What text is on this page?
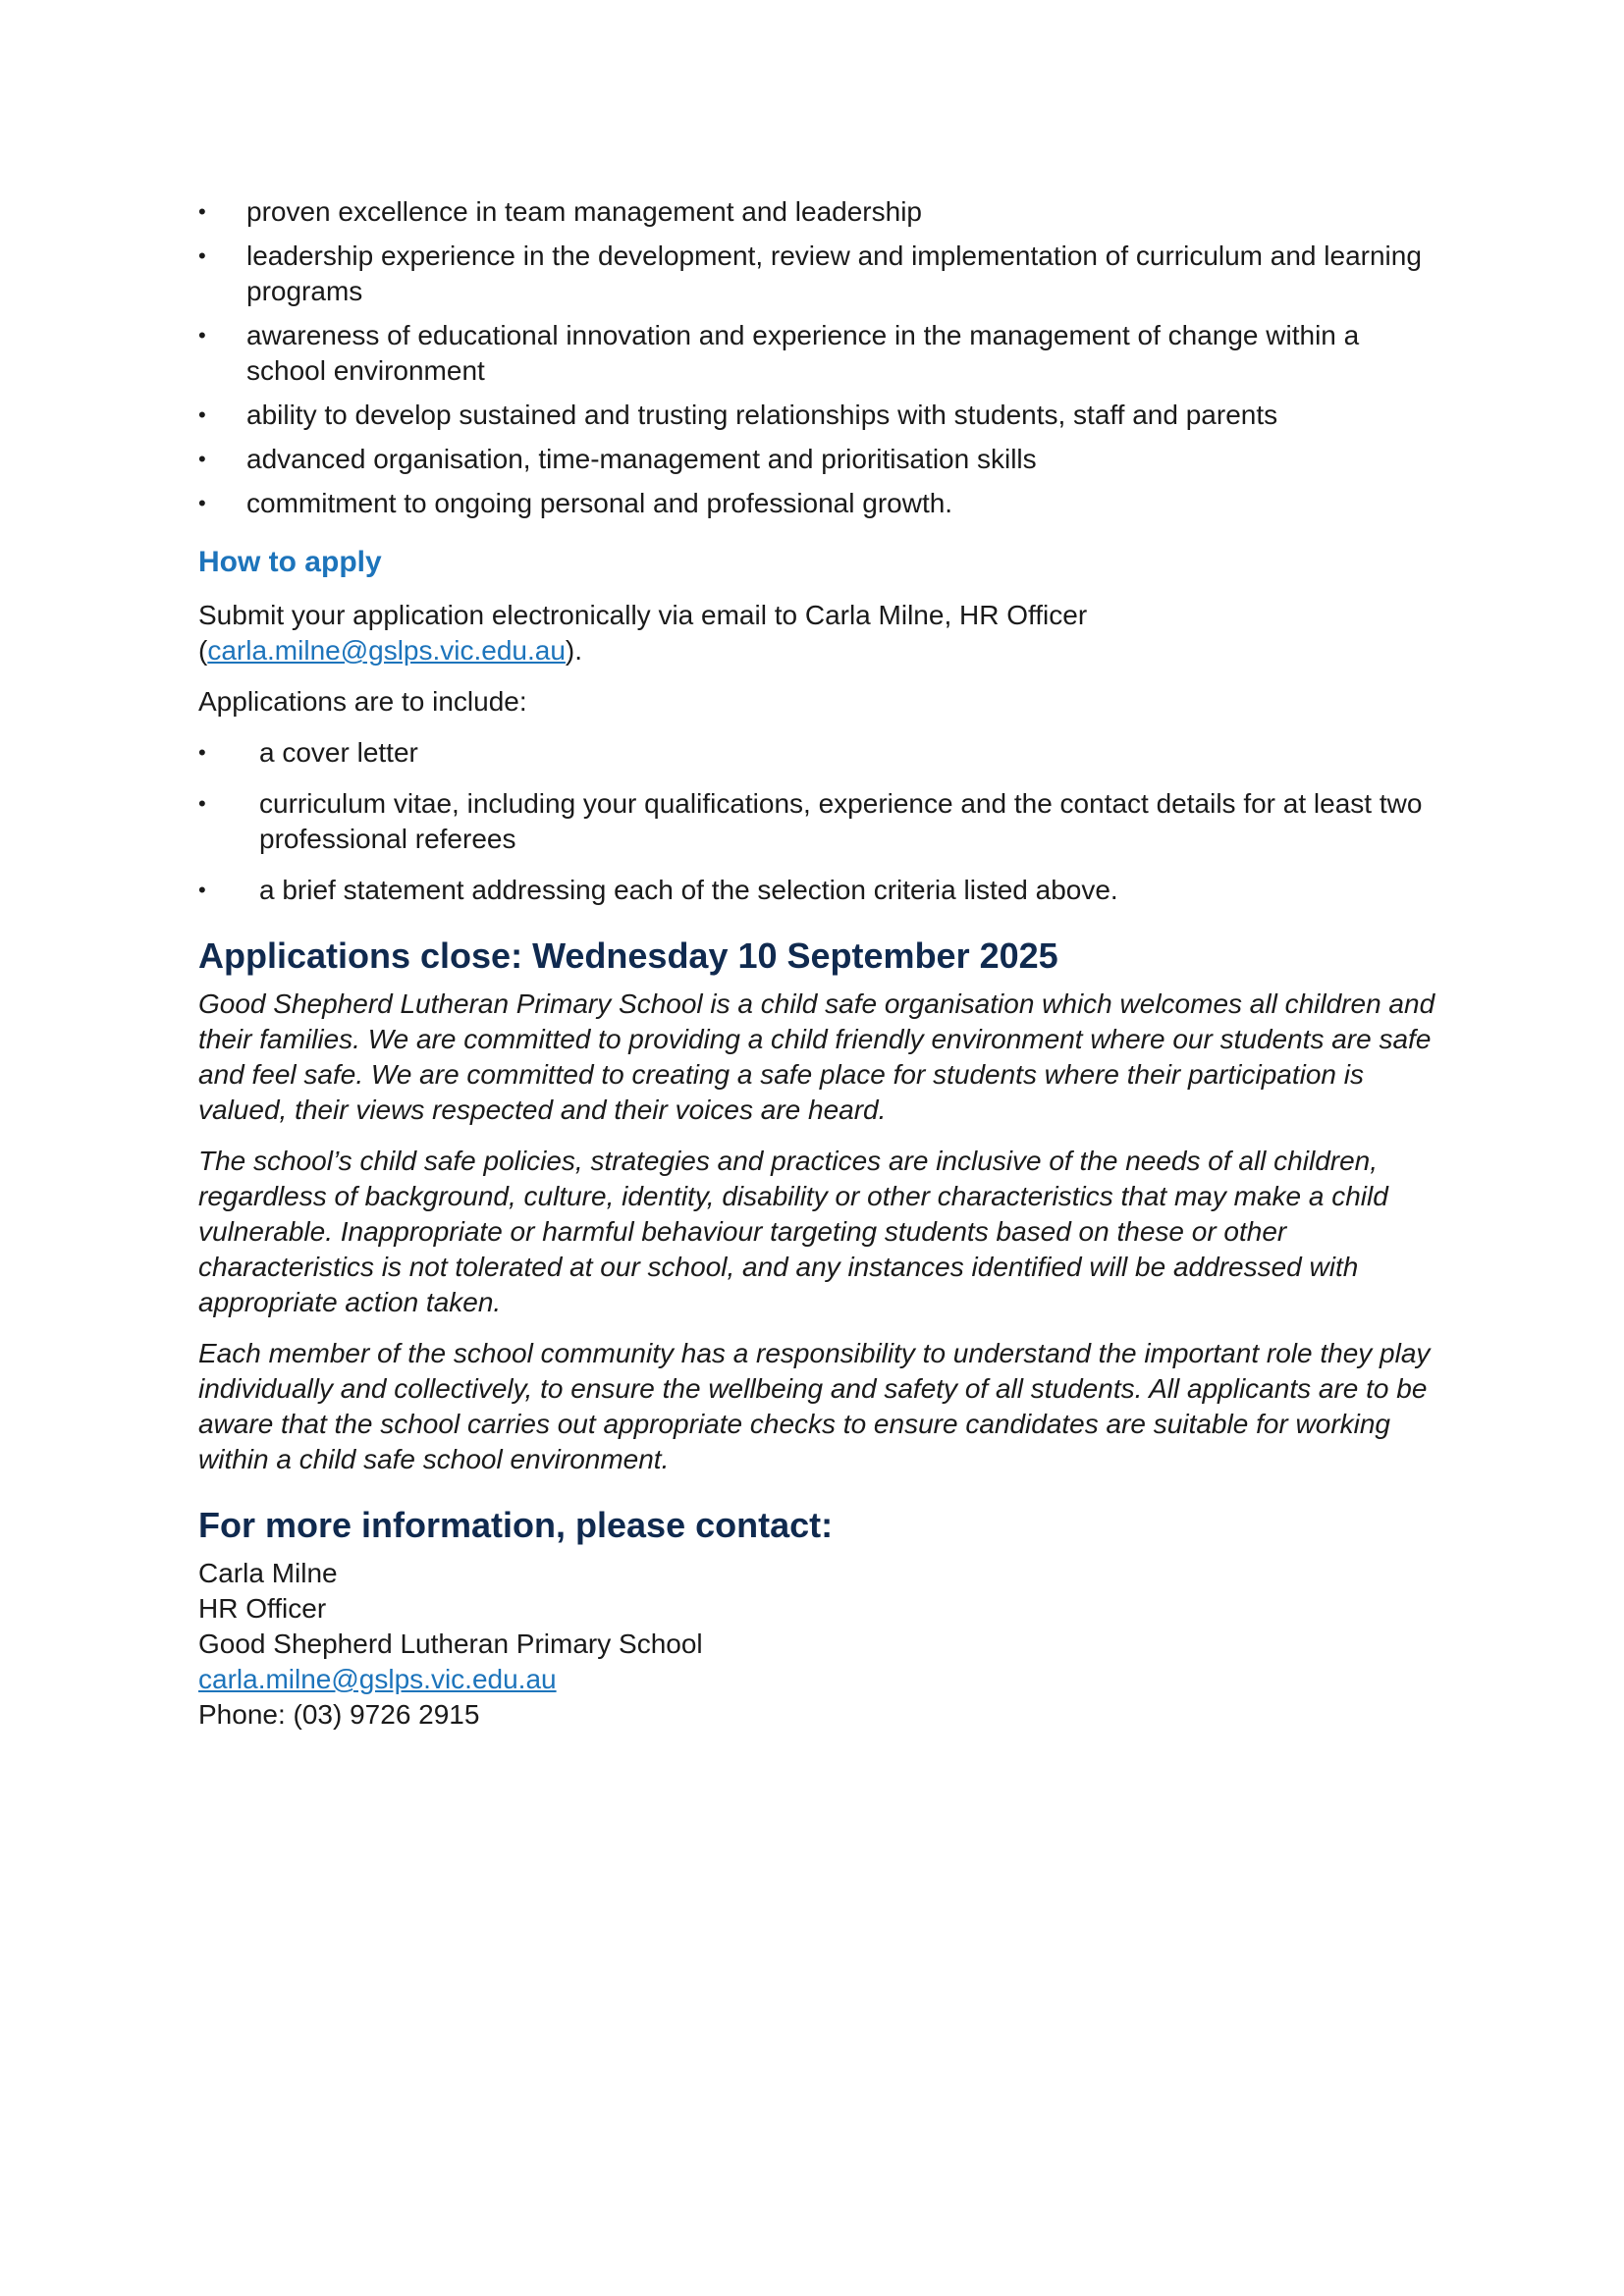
• proven excellence in team management and leadership
• leadership experience in the development, review and implementation of curriculum and learning programs
• awareness of educational innovation and experience in the management of change within a school environment
• ability to develop sustained and trusting relationships with students, staff and parents
• advanced organisation, time-management and prioritisation skills
• commitment to ongoing personal and professional growth.
How to apply

Submit your application electronically via email to Carla Milne, HR Officer (carla.milne@gslps.vic.edu.au).

Applications are to include:

• a cover letter
• curriculum vitae, including your qualifications, experience and the contact details for at least two professional referees
• a brief statement addressing each of the selection criteria listed above.
Applications close: Wednesday 10 September 2025

Good Shepherd Lutheran Primary School is a child safe organisation which welcomes all children and their families. We are committed to providing a child friendly environment where our students are safe and feel safe. We are committed to creating a safe place for students where their participation is valued, their views respected and their voices are heard.

The school’s child safe policies, strategies and practices are inclusive of the needs of all children, regardless of background, culture, identity, disability or other characteristics that may make a child vulnerable. Inappropriate or harmful behaviour targeting students based on these or other characteristics is not tolerated at our school, and any instances identified will be addressed with appropriate action taken.

Each member of the school community has a responsibility to understand the important role they play individually and collectively, to ensure the wellbeing and safety of all students. All applicants are to be aware that the school carries out appropriate checks to ensure candidates are suitable for working within a child safe school environment.

For more information, please contact:
Carla Milne
HR Officer
Good Shepherd Lutheran Primary School
carla.milne@gslps.vic.edu.au
Phone: (03) 9726 2915
